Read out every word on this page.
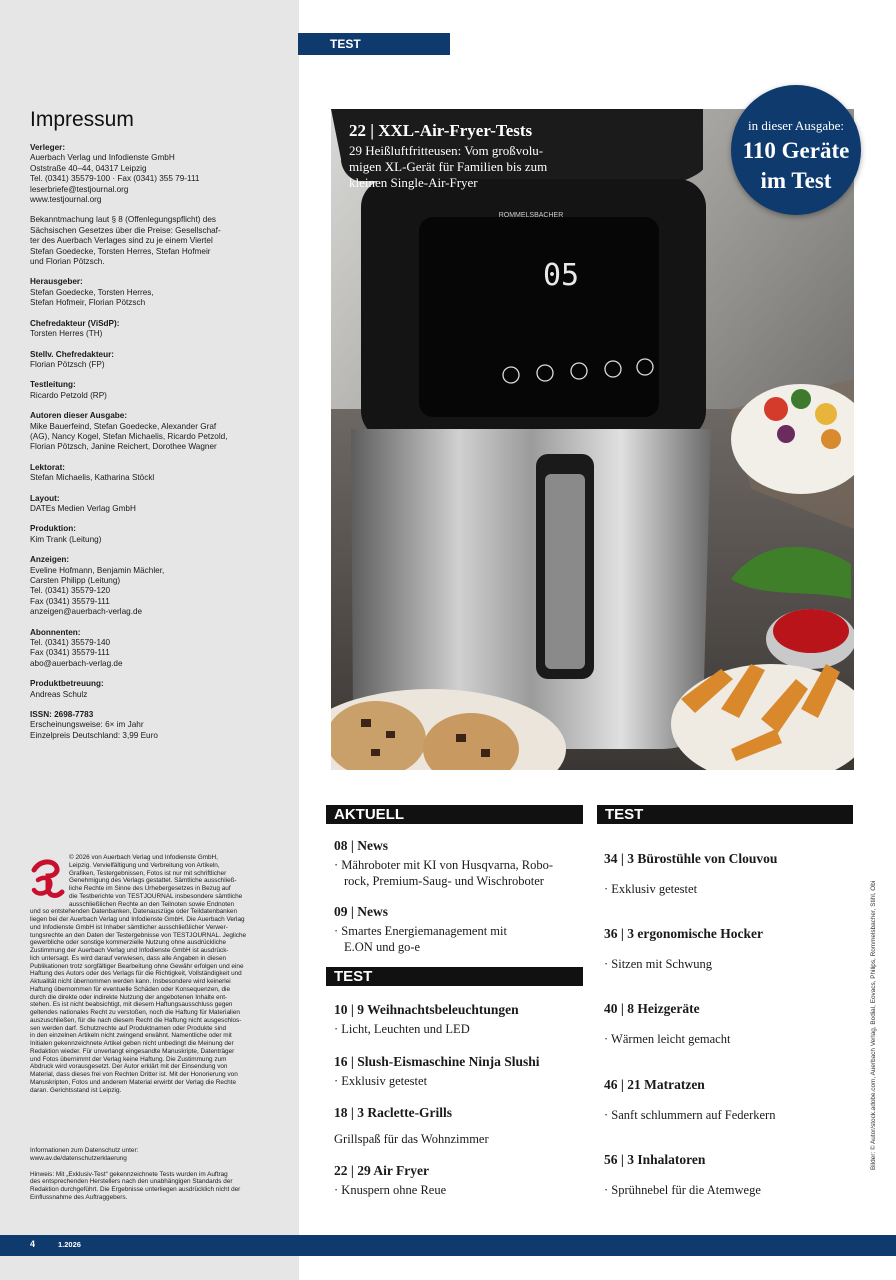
Impressum
Verleger:
Auerbach Verlag und Infodienste GmbH
Oststraße 40–44, 04317 Leipzig
Tel. (0341) 35579-100 · Fax (0341) 355 79-111
leserbriefe@testjournal.org
www.testjournal.org
Bekanntmachung laut § 8 (Offenlegungspflicht) des
Sächsischen Gesetzes über die Preise: Gesellschaf-
ter des Auerbach Verlages sind zu je einem Viertel
Stefan Goedecke, Torsten Herres, Stefan Hofmeir
und Florian Pötzsch.
Herausgeber:
Stefan Goedecke, Torsten Herres,
Stefan Hofmeir, Florian Pötzsch
Chefredakteur (ViSdP):
Torsten Herres (TH)
Stellv. Chefredakteur:
Florian Pötzsch (FP)
Testleitung:
Ricardo Petzold (RP)
Autoren dieser Ausgabe:
Mike Bauerfeind, Stefan Goedecke, Alexander Graf
(AG), Nancy Kogel, Stefan Michaelis, Ricardo Petzold,
Florian Pötzsch, Janine Reichert, Dorothee Wagner
Lektorat:
Stefan Michaelis, Katharina Stöckl
Layout:
DATEs Medien Verlag GmbH
Produktion:
Kim Trank (Leitung)
Anzeigen:
Eveline Hofmann, Benjamin Mächler,
Carsten Philipp (Leitung)
Tel. (0341) 35579-120
Fax (0341) 35579-111
anzeigen@auerbach-verlag.de
Abonnenten:
Tel. (0341) 35579-140
Fax (0341) 35579-111
abo@auerbach-verlag.de
Produktbetreuung:
Andreas Schulz
ISSN: 2698-7783
Erscheinungsweise: 6× im Jahr
Einzelpreis Deutschland: 3,99 Euro
© 2026 von Auerbach Verlag und Infodienste GmbH,
Leipzig. Vervielfältigung und Verbreitung von Artikeln,
Grafiken, Testergebnissen, Fotos ist nur mit schriftlicher
Genehmigung des Verlags gestattet. Sämtliche ausschließ-
liche Rechte im Sinne des Urhebergesetzes in Bezug auf
die Testberichte von TESTJOURNAL insbesondere sämtliche
ausschließlichen Rechte an den Teilnoten sowie Endnoten
und so entstehenden Datenbanken, Datenauszüge oder Teildatenbanken
liegen bei der Auerbach Verlag und Infodienste GmbH. Die Auerbach Verlag
und Infodienste GmbH ist Inhaber sämtlicher ausschließlicher Verwer-
tungsrechte an den Daten der Testergebnisse von TESTJOURNAL. Jegliche
gewerbliche oder sonstige kommerzielle Nutzung ohne ausdrückliche
Zustimmung der Auerbach Verlag und Infodienste GmbH ist ausdrück-
lich untersagt. Es wird darauf verwiesen, dass alle Angaben in diesen
Publikationen trotz sorgfältiger Bearbeitung ohne Gewähr erfolgen und eine
Haftung des Autors oder des Verlags für die Richtigkeit, Vollständigkeit und
Aktualität nicht übernommen werden kann. Insbesondere wird keinerlei
Haftung übernommen für eventuelle Schäden oder Konsequenzen, die
durch die direkte oder indirekte Nutzung der angebotenen Inhalte ent-
stehen. Es ist nicht beabsichtigt, mit diesem Haftungsausschluss gegen
geltendes nationales Recht zu verstoßen, noch die Haftung für Materialien
auszuschließen, für die nach diesem Recht die Haftung nicht ausgeschlos-
sen werden darf. Schutzrechte auf Produktnamen oder Produkte sind
in den einzelnen Artikeln nicht zwingend erwähnt. Namentliche oder mit
Initialen gekennzeichnete Artikel geben nicht unbedingt die Meinung der
Redaktion wieder. Für unverlangt eingesandte Manuskripte, Datenträger
und Fotos übernimmt der Verlag keine Haftung. Die Zustimmung zum
Abdruck wird vorausgesetzt. Der Autor erklärt mit der Einsendung von
Material, dass dieses frei von Rechten Dritter ist. Mit der Honorierung von
Manuskripten, Fotos und anderem Material erwirbt der Verlag die Rechte
daran. Gerichtsstand ist Leipzig.
Informationen zum Datenschutz unter:
www.av.de/datenschutzerklaerung
Hinweis: Mit „Exklusiv-Test“ gekennzeichnete Tests wurden im Auftrag
des entsprechenden Herstellers nach den unabhängigen Standards der
Redaktion durchgeführt. Die Ergebnisse unterliegen ausdrücklich nicht der
Einflussnahme des Auftraggebers.
TEST
05
ROMMELSBACHER
22 | XXL-Air-Fryer-Tests
29 Heißluftfritteusen: Vom großvolu-
migen XL-Gerät für Familien bis zum
kleinen Single-Air-Fryer
in dieser Ausgabe:
110 Geräte
im Test
AKTUELL
TEST
TEST
08 | News
· Mähroboter mit KI von Husqvarna, Robo-
rock, Premium-Saug- und Wischroboter
09 | News
· Smartes Energiemanagement mit
E.ON und go-e
10 | 9 Weihnachtsbeleuchtungen
· Licht, Leuchten und LED
16 | Slush-Eismaschine Ninja Slushi
· Exklusiv getestet
18 | 3 Raclette-Grills
Grillspaß für das Wohnzimmer
22 | 29 Air Fryer
· Knuspern ohne Reue
34 | 3 Bürostühle von Clouvou
· Exklusiv getestet
36 | 3 ergonomische Hocker
· Sitzen mit Schwung
40 | 8 Heizgeräte
· Wärmen leicht gemacht
46 | 21 Matratzen
· Sanft schlummern auf Federkern
56 | 3 Inhalatoren
· Sprühnebel für die Atemwege
Bilder: © Autor/stock.adobe.com, Auerbach Verlag, Bodial, Eovacs, Philips, Rommelsbacher, Stihl, Obi
4	1.2026
